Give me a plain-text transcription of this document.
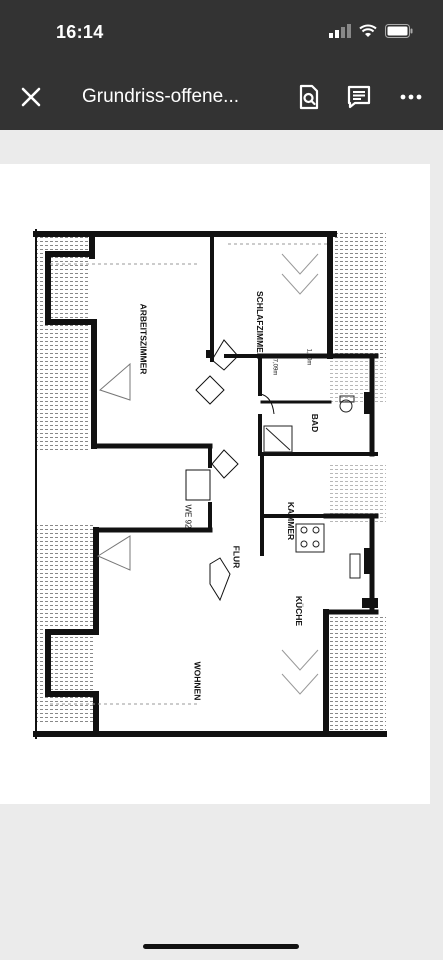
16:14
Grundriss-offene...
ARBEITSZIMMER	SCHLAFZIMMER
7,09m
1,00m
BAD
KAMMER
FLUR
KÜCHE
WOHNEN
WE 92
